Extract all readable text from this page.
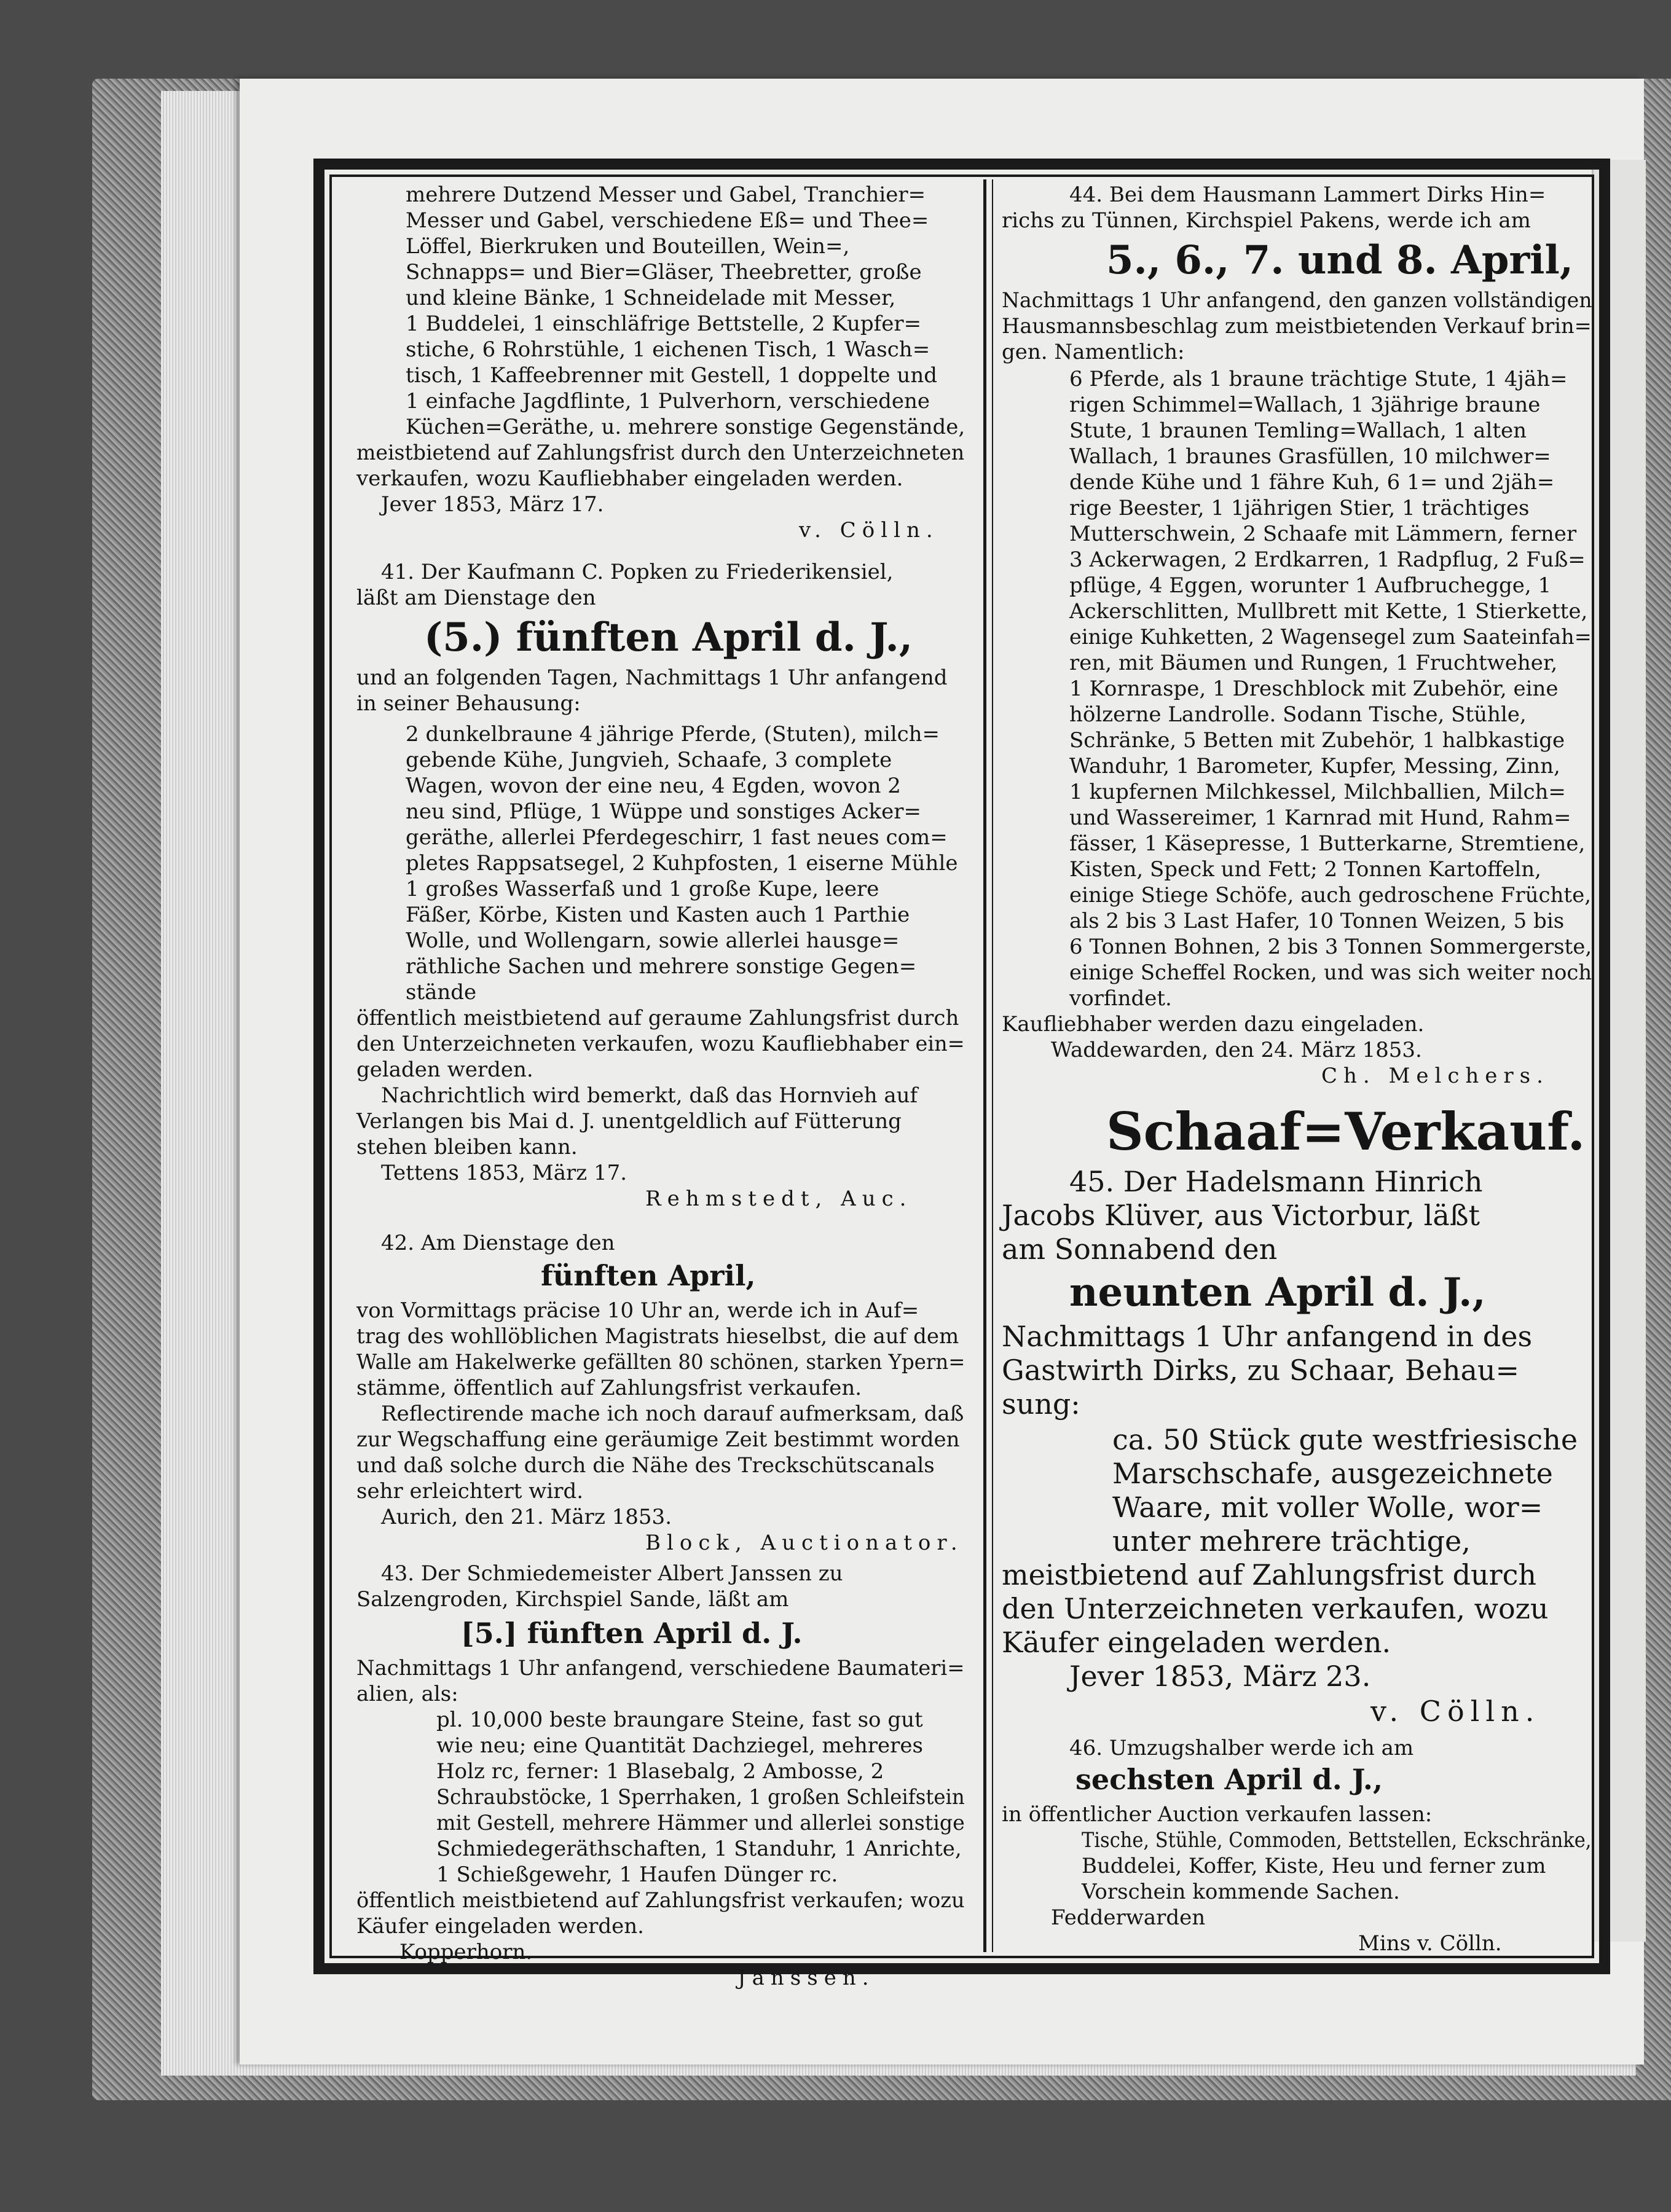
mehrere Dutzend Messer und Gabel, Tranchier=
Messer und Gabel, verschiedene Eß= und Thee=
Löffel, Bierkruken und Bouteillen, Wein=,
Schnapps= und Bier=Gläser, Theebretter, große
und kleine Bänke, 1 Schneidelade mit Messer,
1 Buddelei, 1 einschläfrige Bettstelle, 2 Kupfer=
stiche, 6 Rohrstühle, 1 eichenen Tisch, 1 Wasch=
tisch, 1 Kaffeebrenner mit Gestell, 1 doppelte und
1 einfache Jagdflinte, 1 Pulverhorn, verschiedene
Küchen=Geräthe, u. mehrere sonstige Gegenstände,
meistbietend auf Zahlungsfrist durch den Unterzeichneten
verkaufen, wozu Kaufliebhaber eingeladen werden.
Jever 1853, März 17.
v. Cölln.
41. Der Kaufmann C. Popken zu Friederikensiel,
läßt am Dienstage den
(5.) fünften April d. J.,
und an folgenden Tagen, Nachmittags 1 Uhr anfangend
in seiner Behausung:
2 dunkelbraune 4 jährige Pferde, (Stuten), milch=
gebende Kühe, Jungvieh, Schaafe, 3 complete
Wagen, wovon der eine neu, 4 Egden, wovon 2
neu sind, Pflüge, 1 Wüppe und sonstiges Acker=
geräthe, allerlei Pferdegeschirr, 1 fast neues com=
pletes Rappsatsegel, 2 Kuhpfosten, 1 eiserne Mühle
1 großes Wasserfaß und 1 große Kupe, leere
Fäßer, Körbe, Kisten und Kasten auch 1 Parthie
Wolle, und Wollengarn, sowie allerlei hausge=
räthliche Sachen und mehrere sonstige Gegen=
stände
öffentlich meistbietend auf geraume Zahlungsfrist durch
den Unterzeichneten verkaufen, wozu Kaufliebhaber ein=
geladen werden.
Nachrichtlich wird bemerkt, daß das Hornvieh auf
Verlangen bis Mai d. J. unentgeldlich auf Fütterung
stehen bleiben kann.
Tettens 1853, März 17.
Rehmstedt, Auc.
42. Am Dienstage den
fünften April,
von Vormittags präcise 10 Uhr an, werde ich in Auf=
trag des wohllöblichen Magistrats hieselbst, die auf dem
Walle am Hakelwerke gefällten 80 schönen, starken Ypern=
stämme, öffentlich auf Zahlungsfrist verkaufen.
Reflectirende mache ich noch darauf aufmerksam, daß
zur Wegschaffung eine geräumige Zeit bestimmt worden
und daß solche durch die Nähe des Treckschütscanals
sehr erleichtert wird.
Aurich, den 21. März 1853.
Block, Auctionator.
43. Der Schmiedemeister Albert Janssen zu
Salzengroden, Kirchspiel Sande, läßt am
[5.] fünften April d. J.
Nachmittags 1 Uhr anfangend, verschiedene Baumateri=
alien, als:
pl. 10,000 beste braungare Steine, fast so gut
wie neu; eine Quantität Dachziegel, mehreres
Holz rc, ferner: 1 Blasebalg, 2 Ambosse, 2
Schraubstöcke, 1 Sperrhaken, 1 großen Schleifstein
mit Gestell, mehrere Hämmer und allerlei sonstige
Schmiedegeräthschaften, 1 Standuhr, 1 Anrichte,
1 Schießgewehr, 1 Haufen Dünger rc.
öffentlich meistbietend auf Zahlungsfrist verkaufen; wozu
Käufer eingeladen werden.
Kopperhorn.
Janssen.
44. Bei dem Hausmann Lammert Dirks Hin=
richs zu Tünnen, Kirchspiel Pakens, werde ich am
5., 6., 7. und 8. April,
Nachmittags 1 Uhr anfangend, den ganzen vollständigen
Hausmannsbeschlag zum meistbietenden Verkauf brin=
gen. Namentlich:
6 Pferde, als 1 braune trächtige Stute, 1 4jäh=
rigen Schimmel=Wallach, 1 3jährige braune
Stute, 1 braunen Temling=Wallach, 1 alten
Wallach, 1 braunes Grasfüllen, 10 milchwer=
dende Kühe und 1 fähre Kuh, 6 1= und 2jäh=
rige Beester, 1 1jährigen Stier, 1 trächtiges
Mutterschwein, 2 Schaafe mit Lämmern, ferner
3 Ackerwagen, 2 Erdkarren, 1 Radpflug, 2 Fuß=
pflüge, 4 Eggen, worunter 1 Aufbruchegge, 1
Ackerschlitten, Mullbrett mit Kette, 1 Stierkette,
einige Kuhketten, 2 Wagensegel zum Saateinfah=
ren, mit Bäumen und Rungen, 1 Fruchtweher,
1 Kornraspe, 1 Dreschblock mit Zubehör, eine
hölzerne Landrolle. Sodann Tische, Stühle,
Schränke, 5 Betten mit Zubehör, 1 halbkastige
Wanduhr, 1 Barometer, Kupfer, Messing, Zinn,
1 kupfernen Milchkessel, Milchballien, Milch=
und Wassereimer, 1 Karnrad mit Hund, Rahm=
fässer, 1 Käsepresse, 1 Butterkarne, Stremtiene,
Kisten, Speck und Fett; 2 Tonnen Kartoffeln,
einige Stiege Schöfe, auch gedroschene Früchte,
als 2 bis 3 Last Hafer, 10 Tonnen Weizen, 5 bis
6 Tonnen Bohnen, 2 bis 3 Tonnen Sommergerste,
einige Scheffel Rocken, und was sich weiter noch
vorfindet.
Kaufliebhaber werden dazu eingeladen.
Waddewarden, den 24. März 1853.
Ch. Melchers.
Schaaf=Verkauf.
45. Der Hadelsmann Hinrich
Jacobs Klüver, aus Victorbur, läßt
am Sonnabend den
neunten April d. J.,
Nachmittags 1 Uhr anfangend in des
Gastwirth Dirks, zu Schaar, Behau=
sung:
ca. 50 Stück gute westfriesische
Marschschafe, ausgezeichnete
Waare, mit voller Wolle, wor=
unter mehrere trächtige,
meistbietend auf Zahlungsfrist durch
den Unterzeichneten verkaufen, wozu
Käufer eingeladen werden.
Jever 1853, März 23.
v. Cölln.
46. Umzugshalber werde ich am
sechsten April d. J.,
in öffentlicher Auction verkaufen lassen:
Tische, Stühle, Commoden, Bettstellen, Eckschränke,
Buddelei, Koffer, Kiste, Heu und ferner zum
Vorschein kommende Sachen.
Fedderwarden
Mins v. Cölln.
